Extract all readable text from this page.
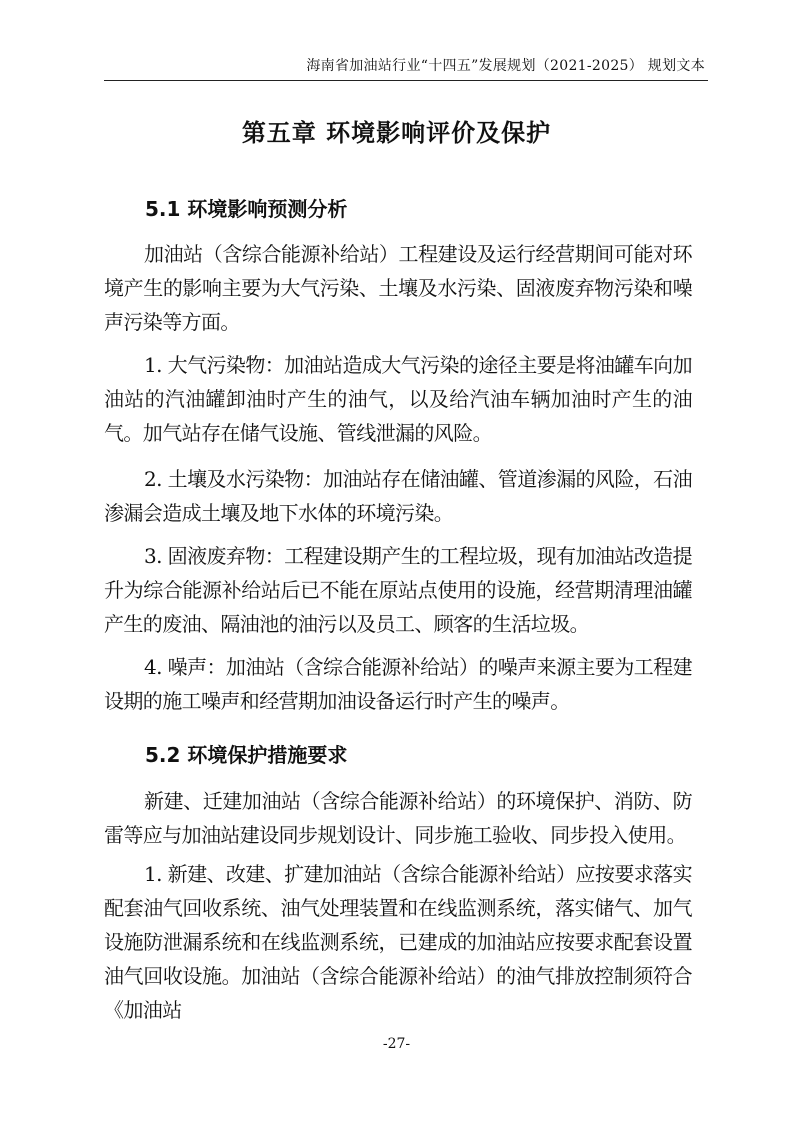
海南省加油站行业“十四五”发展规划（2021-2025） 规划文本
第五章 环境影响评价及保护
5.1 环境影响预测分析

加油站（含综合能源补给站）工程建设及运行经营期间可能对环境产生的影响主要为大气污染、土壤及水污染、固液废弃物污染和噪声污染等方面。

1. 大气污染物：加油站造成大气污染的途径主要是将油罐车向加油站的汽油罐卸油时产生的油气，以及给汽油车辆加油时产生的油气。加气站存在储气设施、管线泄漏的风险。

2. 土壤及水污染物：加油站存在储油罐、管道渗漏的风险，石油渗漏会造成土壤及地下水体的环境污染。

3. 固液废弃物：工程建设期产生的工程垃圾，现有加油站改造提升为综合能源补给站后已不能在原站点使用的设施，经营期清理油罐产生的废油、隔油池的油污以及员工、顾客的生活垃圾。

4. 噪声：加油站（含综合能源补给站）的噪声来源主要为工程建设期的施工噪声和经营期加油设备运行时产生的噪声。

5.2 环境保护措施要求

新建、迁建加油站（含综合能源补给站）的环境保护、消防、防雷等应与加油站建设同步规划设计、同步施工验收、同步投入使用。

1. 新建、改建、扩建加油站（含综合能源补给站）应按要求落实配套油气回收系统、油气处理装置和在线监测系统，落实储气、加气设施防泄漏系统和在线监测系统，已建成的加油站应按要求配套设置油气回收设施。加油站（含综合能源补给站）的油气排放控制须符合《加油站

-27-
